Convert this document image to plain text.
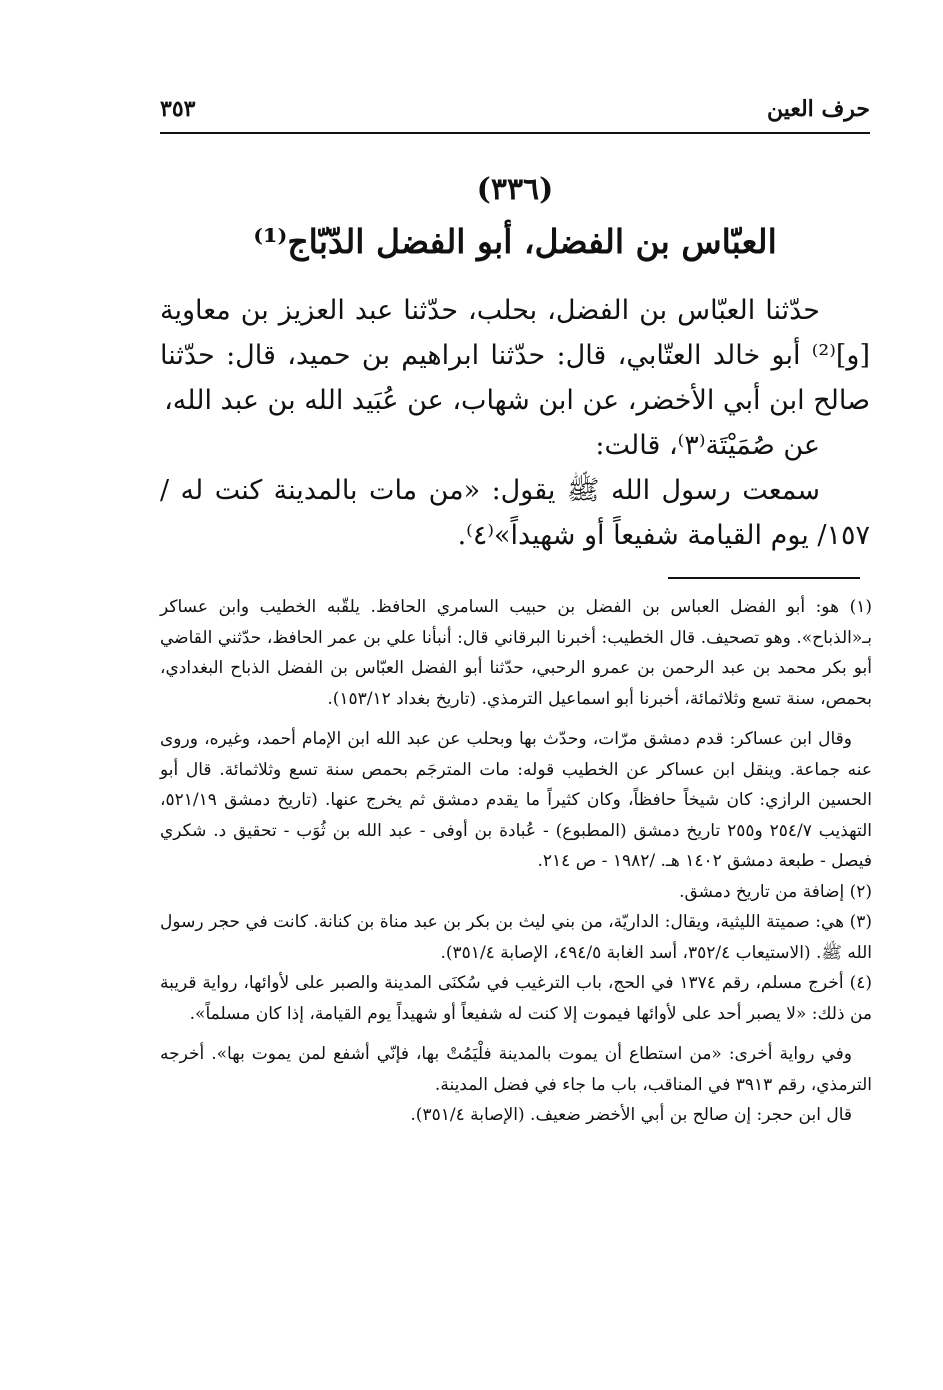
حرف العين
٣٥٣
(٣٣٦)
العبّاس بن الفضل، أبو الفضل الدّبّاج⁽¹⁾

حدّثنا العبّاس بن الفضل، بحلب، حدّثنا عبد العزيز بن معاوية [و]⁽²⁾ أبو خالد العتّابي، قال: حدّثنا ابراهيم بن حميد، قال: حدّثنا صالح ابن أبي الأخضر، عن ابن شهاب، عن عُبَيد الله بن عبد الله،

عن صُمَيْتَة⁽٣⁾، قالت:

سمعت رسول الله ﷺ يقول: «من مات بالمدينة كنت له /١٥٧/ يوم القيامة شفيعاً أو شهيداً»⁽٤⁾.

(١) هو: أبو الفضل العباس بن الفضل بن حبيب السامري الحافظ. يلقّبه الخطيب وابن عساكر بـ«الذباح». وهو تصحيف. قال الخطيب: أخبرنا البرقاني قال: أنبأنا علي بن عمر الحافظ، حدّثني القاضي أبو بكر محمد بن عبد الرحمن بن عمرو الرحبي، حدّثنا أبو الفضل العبّاس بن الفضل الذباح البغدادي، بحمص، سنة تسع وثلاثمائة، أخبرنا أبو اسماعيل الترمذي. (تاريخ بغداد ١٥٣/١٢).

وقال ابن عساكر: قدم دمشق مرّات، وحدّث بها وبحلب عن عبد الله ابن الإمام أحمد، وغيره، وروى عنه جماعة. وينقل ابن عساكر عن الخطيب قوله: مات المترجَم بحمص سنة تسع وثلاثمائة. قال أبو الحسين الرازي: كان شيخاً حافظاً، وكان كثيراً ما يقدم دمشق ثم يخرج عنها. (تاريخ دمشق ٥٢١/١٩، التهذيب ٢٥٤/٧ و٢٥٥ تاريخ دمشق (المطبوع) - عُبادة بن أوفى - عبد الله بن ثُوَب - تحقيق د. شكري فيصل - طبعة دمشق ١٤٠٢ هـ. /١٩٨٢ - ص ٢١٤.

(٢) إضافة من تاريخ دمشق.

(٣) هي: صميتة الليثية، ويقال: الداريّة، من بني ليث بن بكر بن عبد مناة بن كنانة. كانت في حجر رسول الله ﷺ. (الاستيعاب ٣٥٢/٤، أسد الغابة ٤٩٤/٥، الإصابة ٣٥١/٤).

(٤) أخرج مسلم، رقم ١٣٧٤ في الحج، باب الترغيب في سُكنَى المدينة والصبر على لأوائها، رواية قريبة من ذلك: «لا يصبر أحد على لأوائها فيموت إلا كنت له شفيعاً أو شهيداً يوم القيامة، إذا كان مسلماً».

وفي رواية أخرى: «من استطاع أن يموت بالمدينة فلْيَمُتْ بها، فإنّي أشفع لمن يموت بها». أخرجه الترمذي، رقم ٣٩١٣ في المناقب، باب ما جاء في فضل المدينة.

قال ابن حجر: إن صالح بن أبي الأخضر ضعيف. (الإصابة ٣٥١/٤).
